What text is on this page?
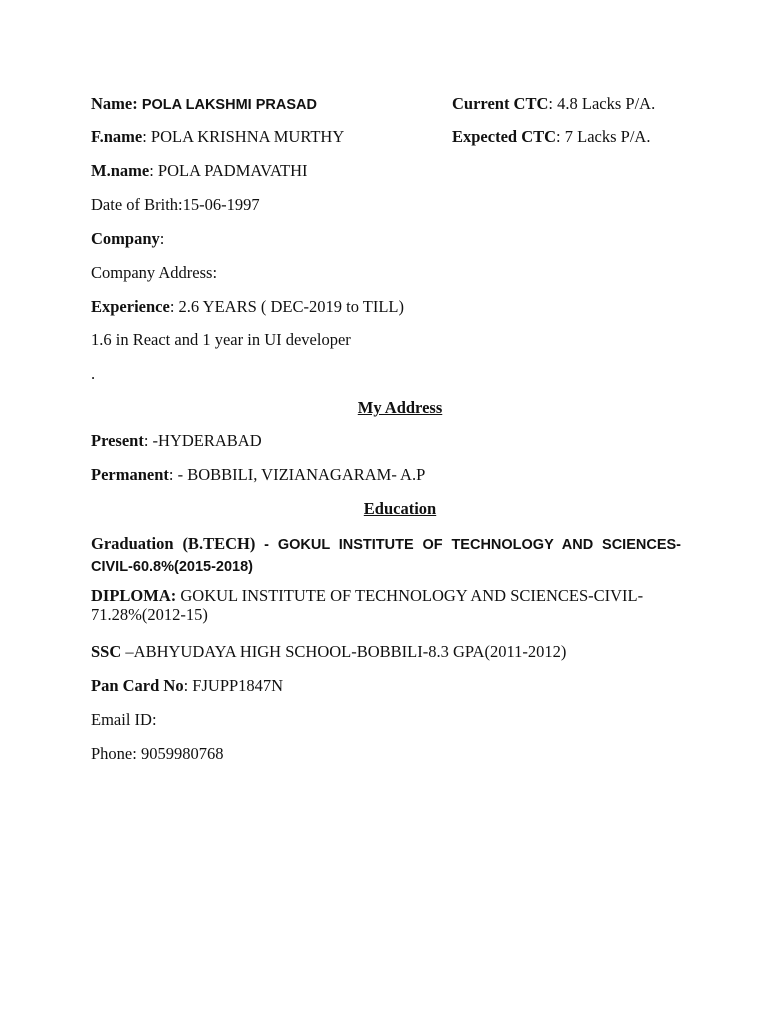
Name: POLA LAKSHMI PRASAD	Current CTC: 4.8 Lacks P/A.
F.name: POLA KRISHNA MURTHY	Expected CTC: 7 Lacks P/A.
M.name: POLA PADMAVATHI
Date of Brith:15-06-1997
Company:
Company Address:
Experience: 2.6 YEARS ( DEC-2019 to TILL)
1.6 in React and 1 year in UI developer
.
My Address
Present: -HYDERABAD
Permanent: - BOBBILI, VIZIANAGARAM- A.P
Education
Graduation (B.TECH) - GOKUL INSTITUTE OF TECHNOLOGY AND SCIENCES-CIVIL-60.8%(2015-2018)
DIPLOMA: GOKUL INSTITUTE OF TECHNOLOGY AND SCIENCES-CIVIL-71.28%(2012-15)
SSC –ABHYUDAYA HIGH SCHOOL-BOBBILI-8.3 GPA(2011-2012)
Pan Card No: FJUPP1847N
Email ID:
Phone: 9059980768
